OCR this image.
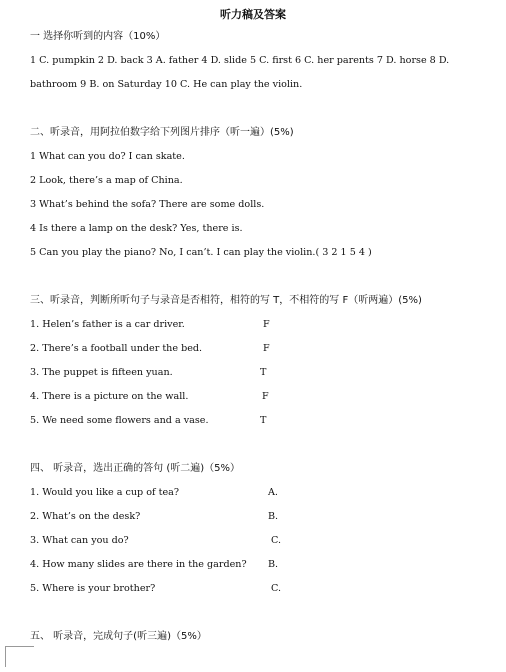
听力稿及答案
一 选择你听到的内容（10%）
1 C. pumpkin 2 D. back 3 A. father 4 D. slide 5 C. first 6 C. her parents 7 D. horse 8 D.
bathroom 9 B. on Saturday 10 C. He can play the violin.
二、听录音，用阿拉伯数字给下列图片排序（听一遍）(5%)
1 What can you do? I can skate.
2 Look, there’s a map of China.
3 What’s behind the sofa? There are some dolls.
4 Is there a lamp on the desk? Yes, there is.
5 Can you play the piano? No, I can’t. I can play the violin.( 3 2 1 5 4 )
三、听录音，判断所听句子与录音是否相符，相符的写 T，不相符的写 F（听两遍）(5%)
1. Helen’s father is a car driver.	F
2. There’s a football under the bed.	F
3. The puppet is fifteen yuan.	T
4. There is a picture on the wall.	F
5. We need some flowers and a vase.	T
四、 听录音，选出正确的答句 (听二遍)（5%）
1. Would you like a cup of tea?	A.
2. What’s on the desk?	B.
3. What can you do?	C.
4. How many slides are there in the garden? B.
5. Where is your brother?	C.
五、 听录音，完成句子(听三遍)（5%）
